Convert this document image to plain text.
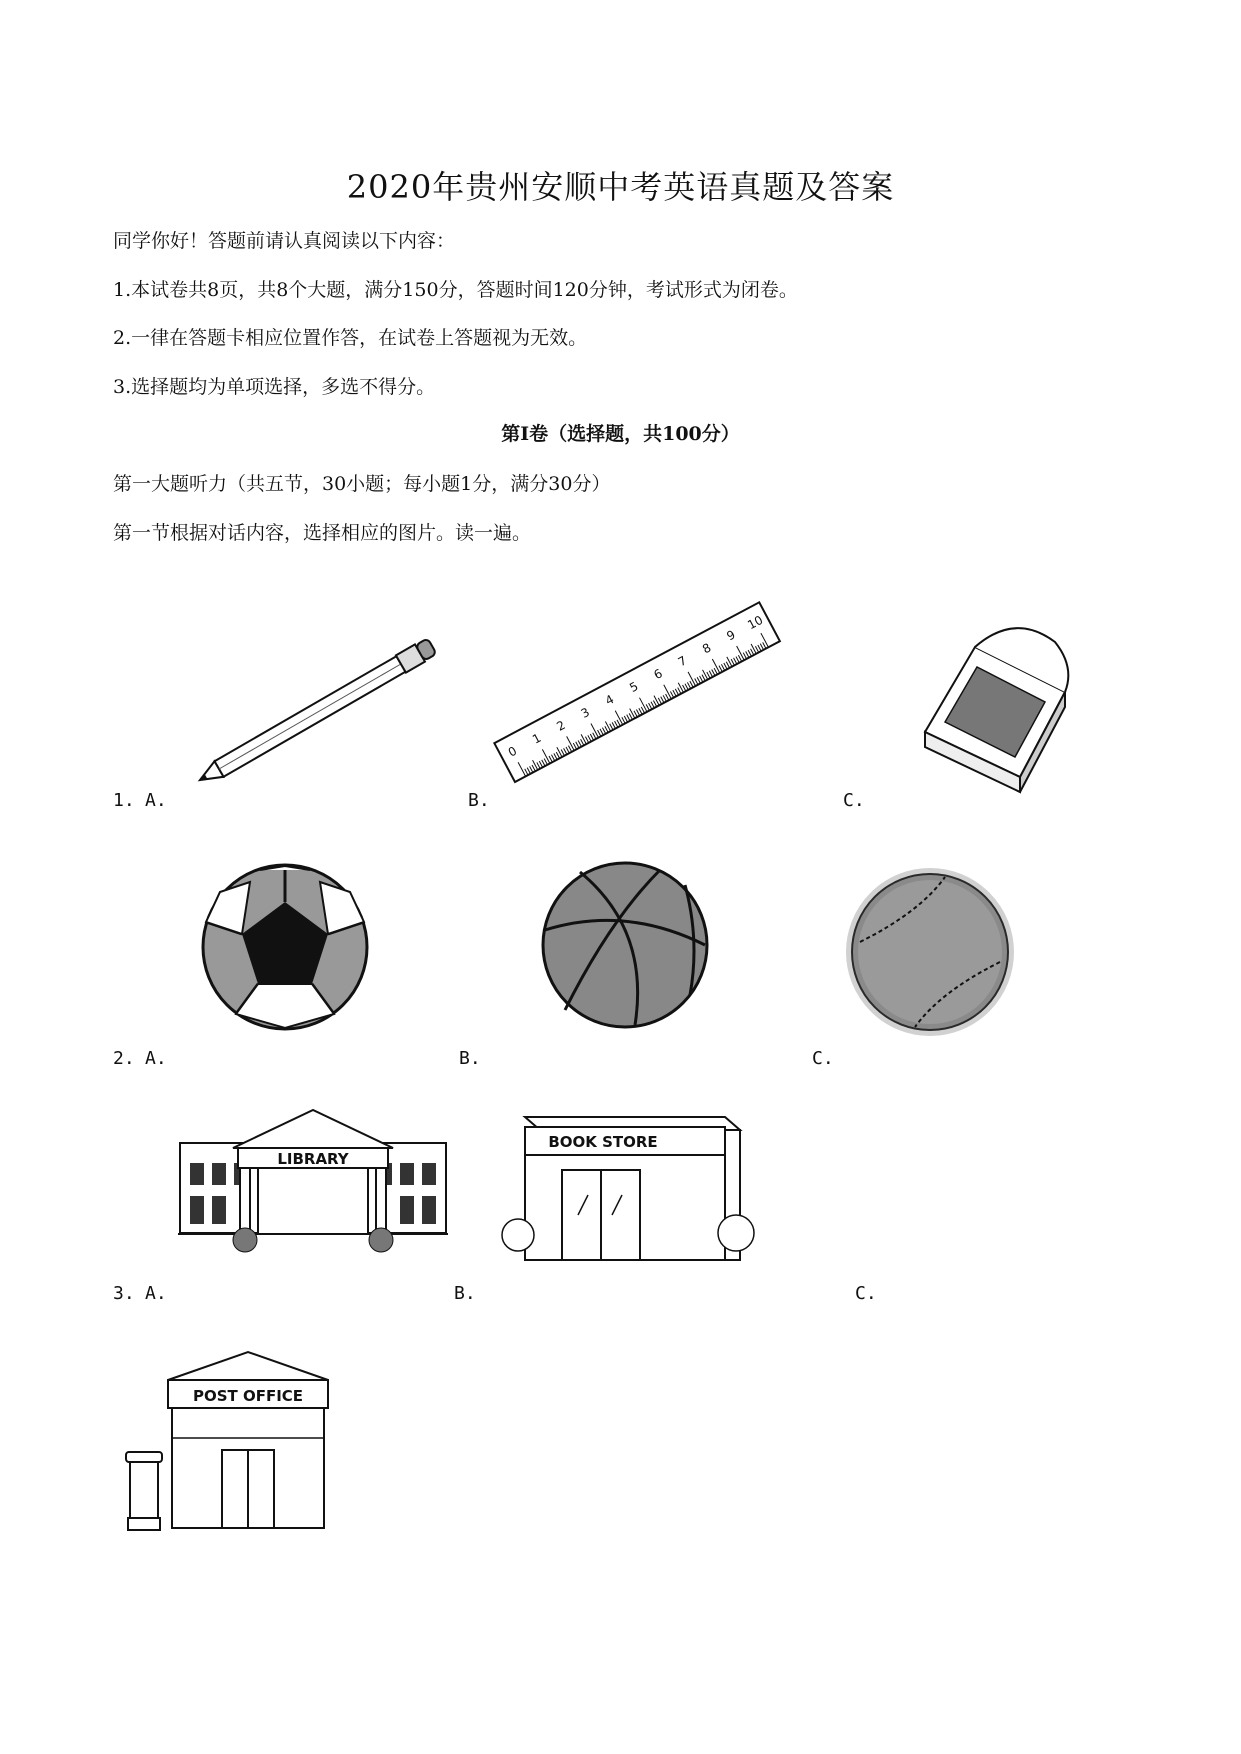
2020年贵州安顺中考英语真题及答案
同学你好！答题前请认真阅读以下内容：
1.本试卷共8页，共8个大题，满分150分，答题时间120分钟，考试形式为闭卷。
2.一律在答题卡相应位置作答，在试卷上答题视为无效。
3.选择题均为单项选择，多选不得分。
第I卷（选择题，共100分）
第一大题听力（共五节，30小题；每小题1分，满分30分）
第一节根据对话内容，选择相应的图片。读一遍。
1. A.	B.	C.
2. A.	B.	C.
3. A.	B.	C.
0
1
2
3
4
5
6
7
8
9
10
LIBRARY
BOOK STORE
POST OFFICE
